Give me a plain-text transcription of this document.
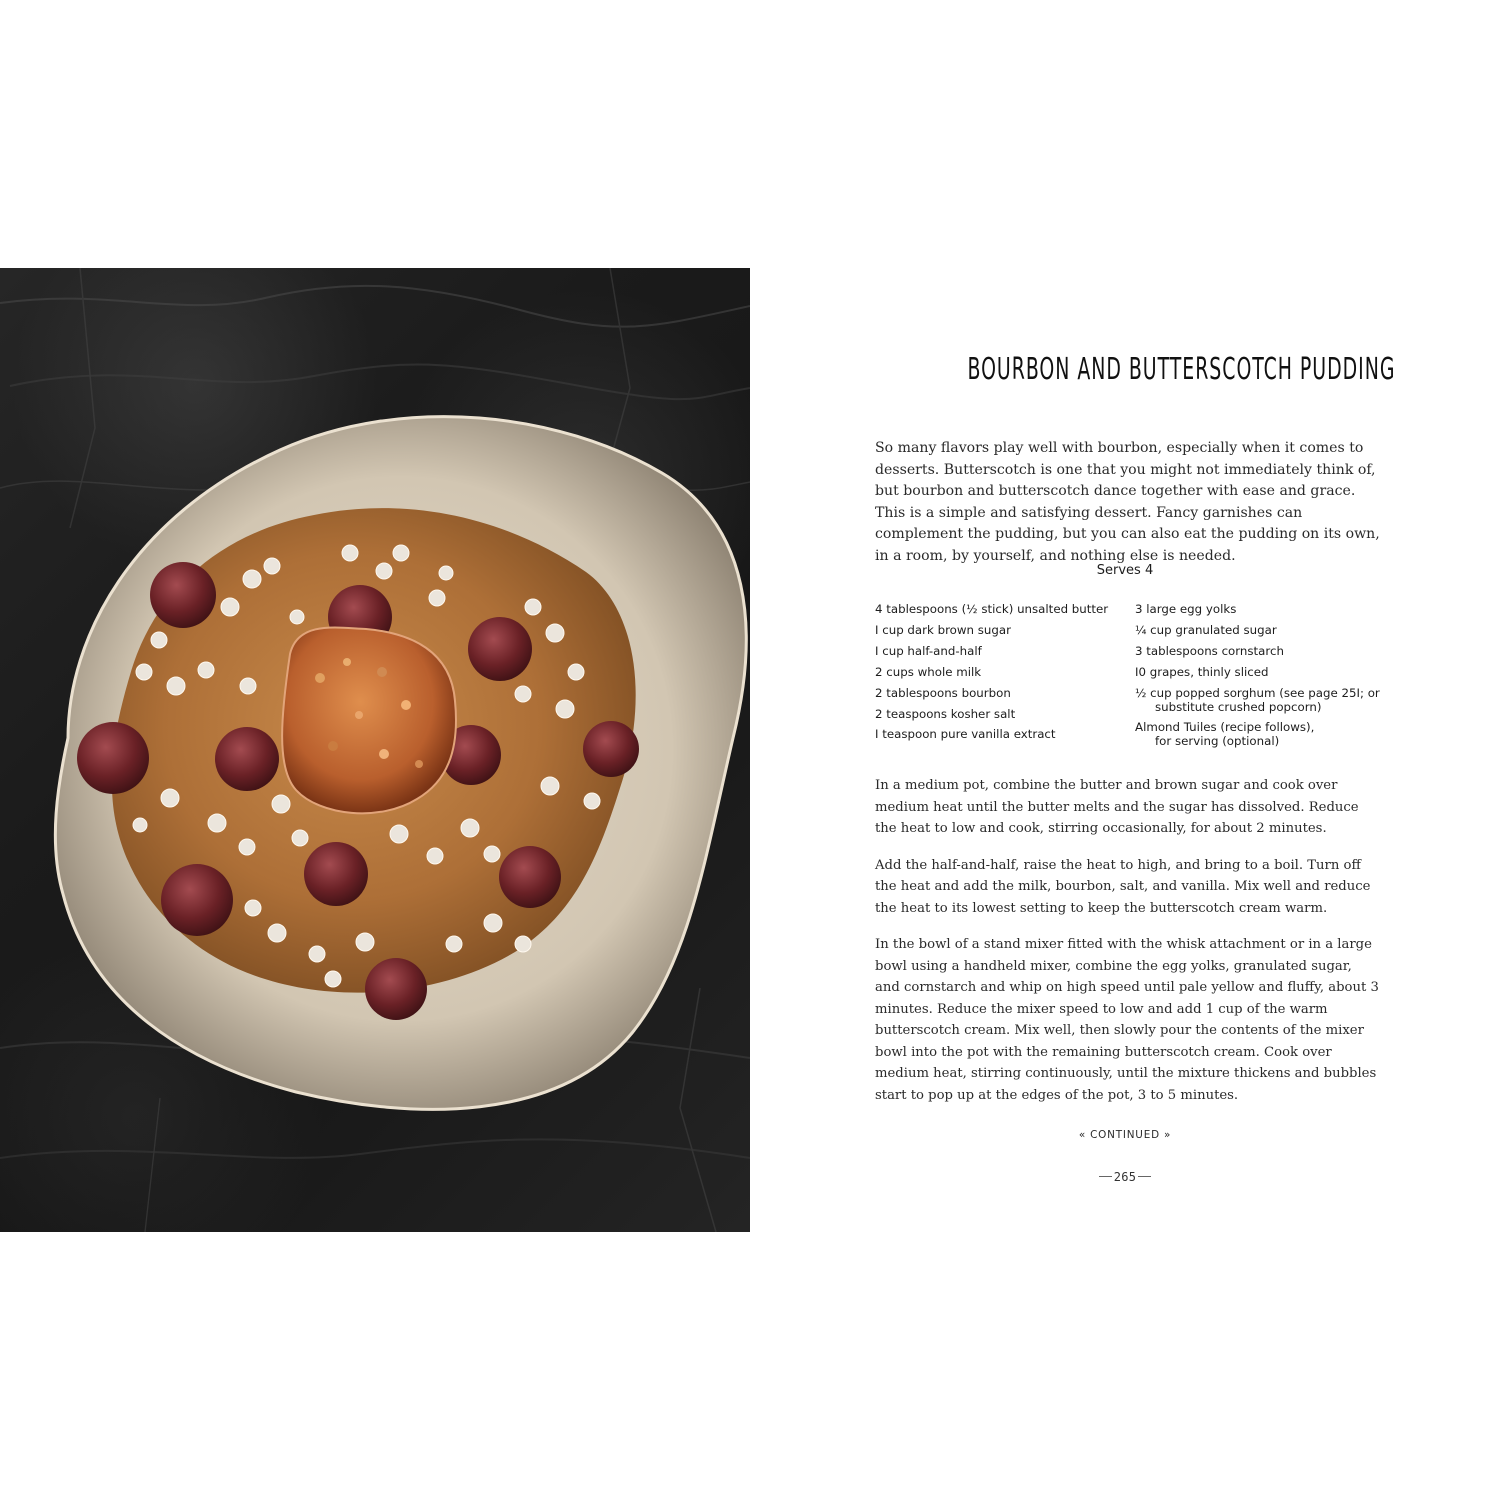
BOURBON AND BUTTERSCOTCH PUDDING

So many flavors play well with bourbon, especially when it comes to desserts. Butterscotch is one that you might not immediately think of, but bourbon and butterscotch dance together with ease and grace. This is a simple and satisfying dessert. Fancy garnishes can complement the pudding, but you can also eat the pudding on its own, in a room, by yourself, and nothing else is needed.

Serves 4
4 tablespoons (½ stick) unsalted butter
I cup dark brown sugar
I cup half-and-half
2 cups whole milk
2 tablespoons bourbon
2 teaspoons kosher salt
I teaspoon pure vanilla extract
3 large egg yolks
¼ cup granulated sugar
3 tablespoons cornstarch
I0 grapes, thinly sliced
½ cup popped sorghum (see page 25I; or
substitute crushed popcorn)
Almond Tuiles (recipe follows),
for serving (optional)

In a medium pot, combine the butter and brown sugar and cook over medium heat until the butter melts and the sugar has dissolved. Reduce the heat to low and cook, stirring occasionally, for about 2 minutes.

Add the half-and-half, raise the heat to high, and bring to a boil. Turn off the heat and add the milk, bourbon, salt, and vanilla. Mix well and reduce the heat to its lowest setting to keep the butterscotch cream warm.

In the bowl of a stand mixer fitted with the whisk attachment or in a large bowl using a handheld mixer, combine the egg yolks, granulated sugar, and cornstarch and whip on high speed until pale yellow and fluffy, about 3 minutes. Reduce the mixer speed to low and add 1 cup of the warm butterscotch cream. Mix well, then slowly pour the contents of the mixer bowl into the pot with the remaining butterscotch cream. Cook over medium heat, stirring continuously, until the mixture thickens and bubbles start to pop up at the edges of the pot, 3 to 5 minutes.

« CONTINUED »
265
